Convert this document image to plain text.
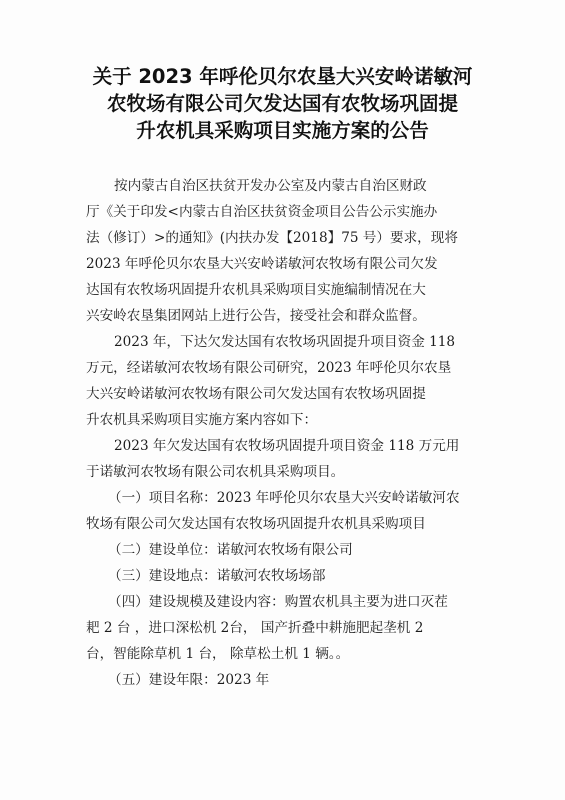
关于 2023 年呼伦贝尔农垦大兴安岭诺敏河
农牧场有限公司欠发达国有农牧场巩固提
升农机具采购项目实施方案的公告
按内蒙古自治区扶贫开发办公室及内蒙古自治区财政
厅《关于印发<内蒙古自治区扶贫资金项目公告公示实施办
法（修订）>的通知》(内扶办发【2018】75 号）要求，现将
2023 年呼伦贝尔农垦大兴安岭诺敏河农牧场有限公司欠发
达国有农牧场巩固提升农机具采购项目实施编制情况在大
兴安岭农垦集团网站上进行公告，接受社会和群众监督。
2023 年，下达欠发达国有农牧场巩固提升项目资金 118
万元，经诺敏河农牧场有限公司研究，2023 年呼伦贝尔农垦
大兴安岭诺敏河农牧场有限公司欠发达国有农牧场巩固提
升农机具采购项目实施方案内容如下：
2023 年欠发达国有农牧场巩固提升项目资金 118 万元用
于诺敏河农牧场有限公司农机具采购项目。
（一）项目名称：2023 年呼伦贝尔农垦大兴安岭诺敏河农
牧场有限公司欠发达国有农牧场巩固提升农机具采购项目
（二）建设单位：诺敏河农牧场有限公司
（三）建设地点：诺敏河农牧场场部
（四）建设规模及建设内容：购置农机具主要为进口灭茬
耙 2 台 ，进口深松机 2台， 国产折叠中耕施肥起垄机 2
台，智能除草机 1 台， 除草松土机 1 辆。。
（五）建设年限：2023 年
